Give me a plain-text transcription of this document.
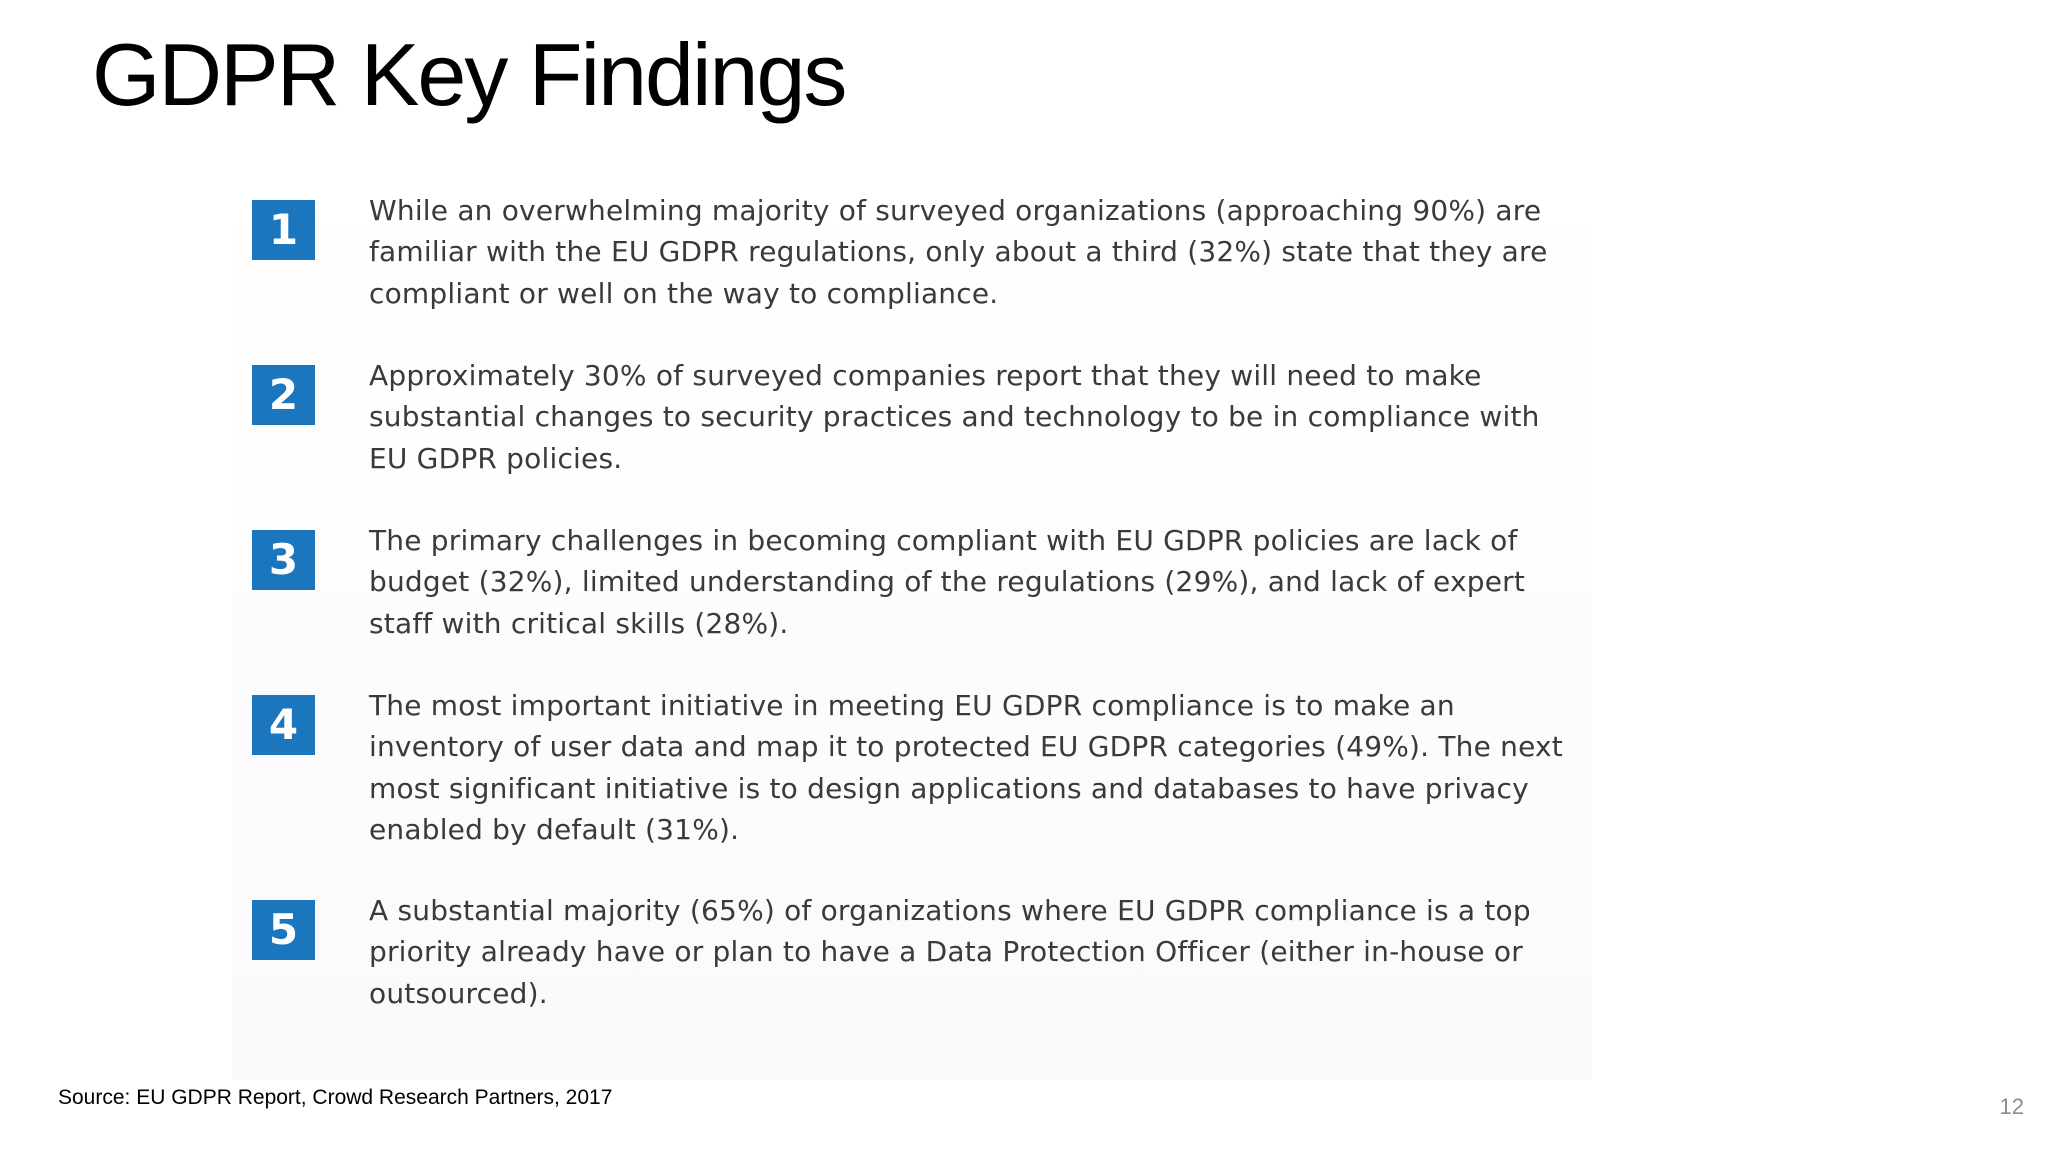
GDPR Key Findings
1	While an overwhelming majority of surveyed organizations (approaching 90%) are familiar with the EU GDPR regulations, only about a third (32%) state that they are compliant or well on the way to compliance.

2	Approximately 30% of surveyed companies report that they will need to make substantial changes to security practices and technology to be in compliance with EU GDPR policies.

3	The primary challenges in becoming compliant with EU GDPR policies are lack of budget (32%), limited understanding of the regulations (29%), and lack of expert staff with critical skills (28%).

4	The most important initiative in meeting EU GDPR compliance is to make an inventory of user data and map it to protected EU GDPR categories (49%). The next most significant initiative is to design applications and databases to have privacy enabled by default (31%).

5	A substantial majority (65%) of organizations where EU GDPR compliance is a top priority already have or plan to have a Data Protection Officer (either in-house or outsourced).

Source: EU GDPR Report, Crowd Research Partners, 2017	12
